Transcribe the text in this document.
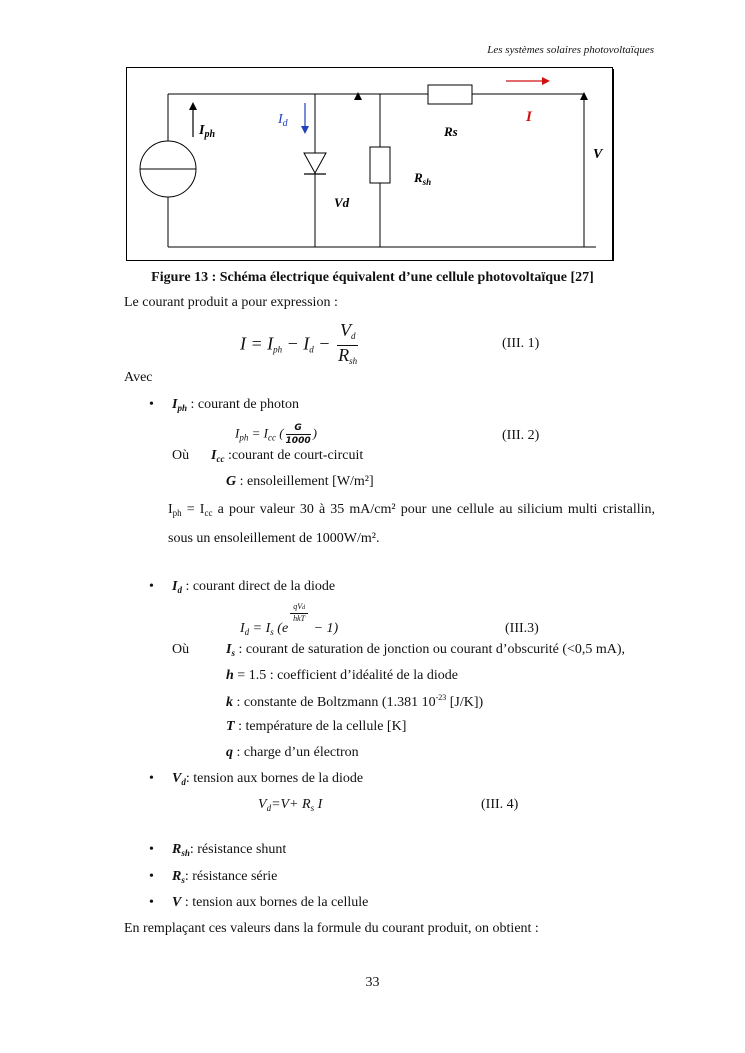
Les systèmes solaires photovoltaïques
$I_{ph}$
$I_d$
Vd
Rs
$R_{sh}$
I
V
Figure 13 : Schéma électrique équivalent d’une cellule photovoltaïque [27]
Le courant produit a pour expression :
$I = I_{ph} - I_d - \frac{V_d}{R_{sh}}$	(III. 1)
Avec
• $I_{ph}$ : courant de photon
$I_{ph} = I_{cc}$ ( $\frac{G}{1000}$ )	(III. 2)
Où $I_{cc}$ :courant de court-circuit
G : ensoleillement [W/m²]
$I_{ph} = I_{cc}$ a pour valeur 30 à 35 mA/cm² pour une cellule au silicium multi cristallin, sous un ensoleillement de 1000W/m².
• $I_d$ : courant direct de la diode
$I_d = I_s$ (e
$\frac{\text{qVd}}{\text{hkT}}$
− 1)	(III.3)
Où	$I_s$ : courant de saturation de jonction ou courant d’obscurité (<0,5 mA),
h = 1.5 : coefficient d’idéalité de la diode
k : constante de Boltzmann (1.381 $10^{-23}$ [J/K])
T : température de la cellule [K]
q : charge d’un électron
• $V_d$: tension aux bornes de la diode
$V_d=V+ R_s$ I	(III. 4)
• $R_{sh}$: résistance shunt
• $R_s$: résistance série
• V : tension aux bornes de la cellule
En remplaçant ces valeurs dans la formule du courant produit, on obtient :
33
